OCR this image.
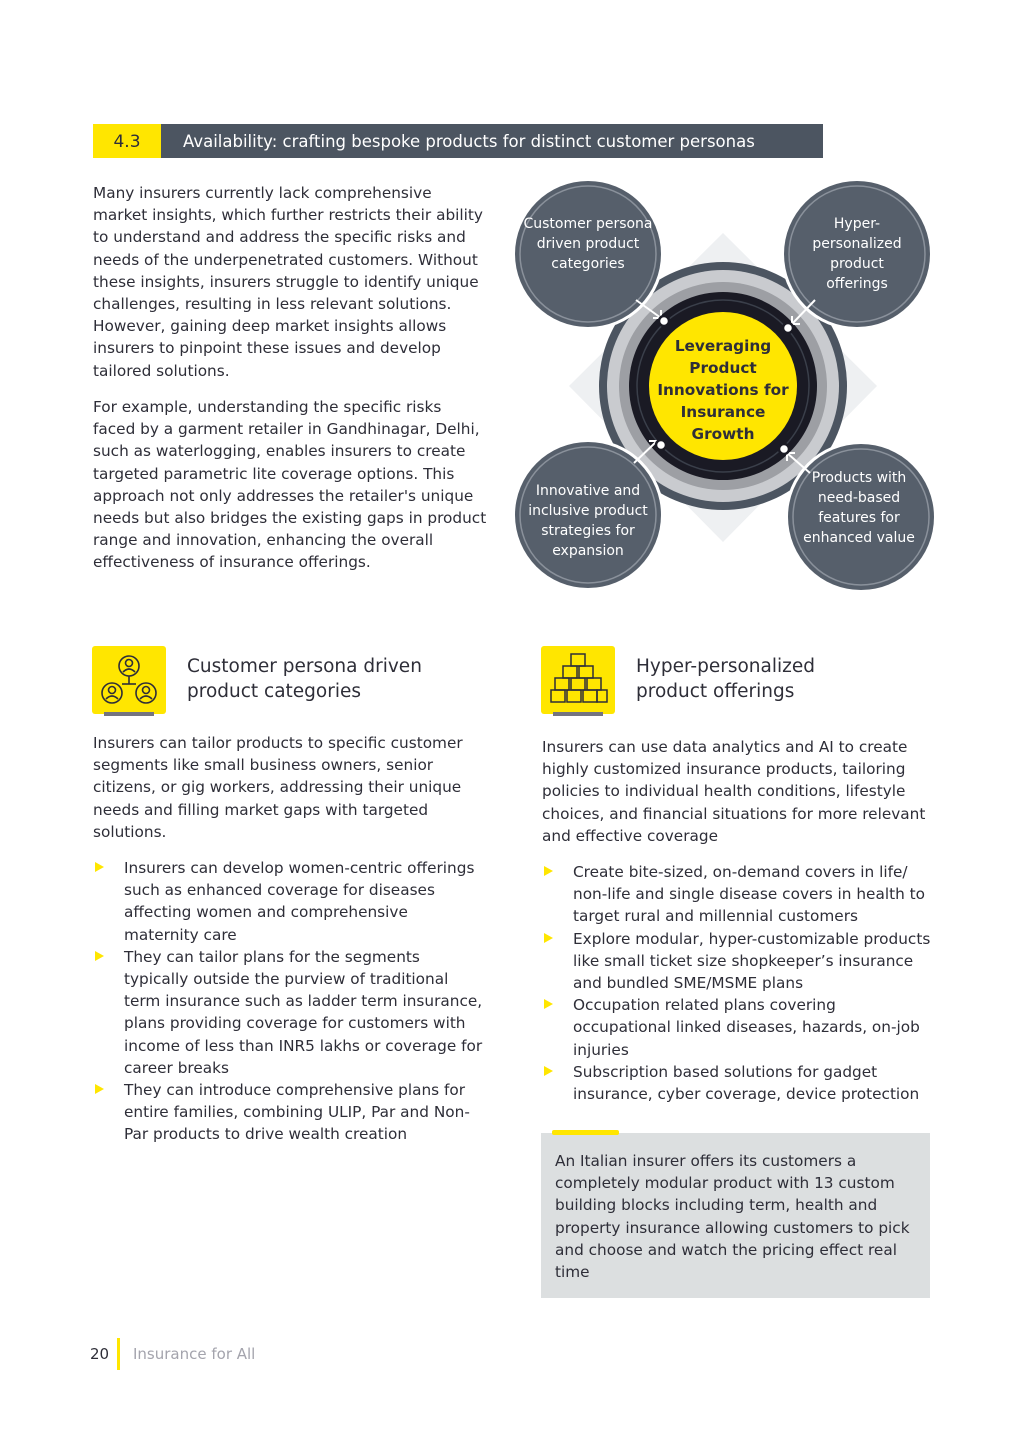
4.3	Availability: crafting bespoke products for distinct customer personas

Many insurers currently lack comprehensive market insights, which further restricts their ability to understand and address the specific risks and needs of the underpenetrated customers. Without these insights, insurers struggle to identify unique challenges, resulting in less relevant solutions. However, gaining deep market insights allows insurers to pinpoint these issues and develop tailored solutions.

For example, understanding the specific risks faced by a garment retailer in Gandhinagar, Delhi, such as waterlogging, enables insurers to create targeted parametric lite coverage options. This approach not only addresses the retailer's unique needs but also bridges the existing gaps in product range and innovation, enhancing the overall effectiveness of insurance offerings.

Leveraging Product Innovations for Insurance Growth
Customer persona driven product categories
Hyper-personalized product offerings
Innovative and inclusive product strategies for expansion
Products with need-based features for enhanced value
Customer persona driven
product categories

Insurers can tailor products to specific customer segments like small business owners, senior citizens, or gig workers, addressing their unique needs and filling market gaps with targeted solutions.

Insurers can develop women-centric offerings such as enhanced coverage for diseases affecting women and comprehensive maternity care
They can tailor plans for the segments typically outside the purview of traditional term insurance such as ladder term insurance, plans providing coverage for customers with income of less than INR5 lakhs or coverage for career breaks
They can introduce comprehensive plans for entire families, combining ULIP, Par and Non-Par products to drive wealth creation
Hyper-personalized
product offerings

Insurers can use data analytics and AI to create highly customized insurance products, tailoring policies to individual health conditions, lifestyle choices, and financial situations for more relevant and effective coverage

Create bite-sized, on-demand covers in life/ non-life and single disease covers in health to target rural and millennial customers
Explore modular, hyper-customizable products like small ticket size shopkeeper’s insurance and bundled SME/MSME plans
Occupation related plans covering occupational linked diseases, hazards, on-job injuries
Subscription based solutions for gadget insurance, cyber coverage, device protection

An Italian insurer offers its customers a completely modular product with 13 custom building blocks including term, health and property insurance allowing customers to pick and choose and watch the pricing effect real time

20 Insurance for All
